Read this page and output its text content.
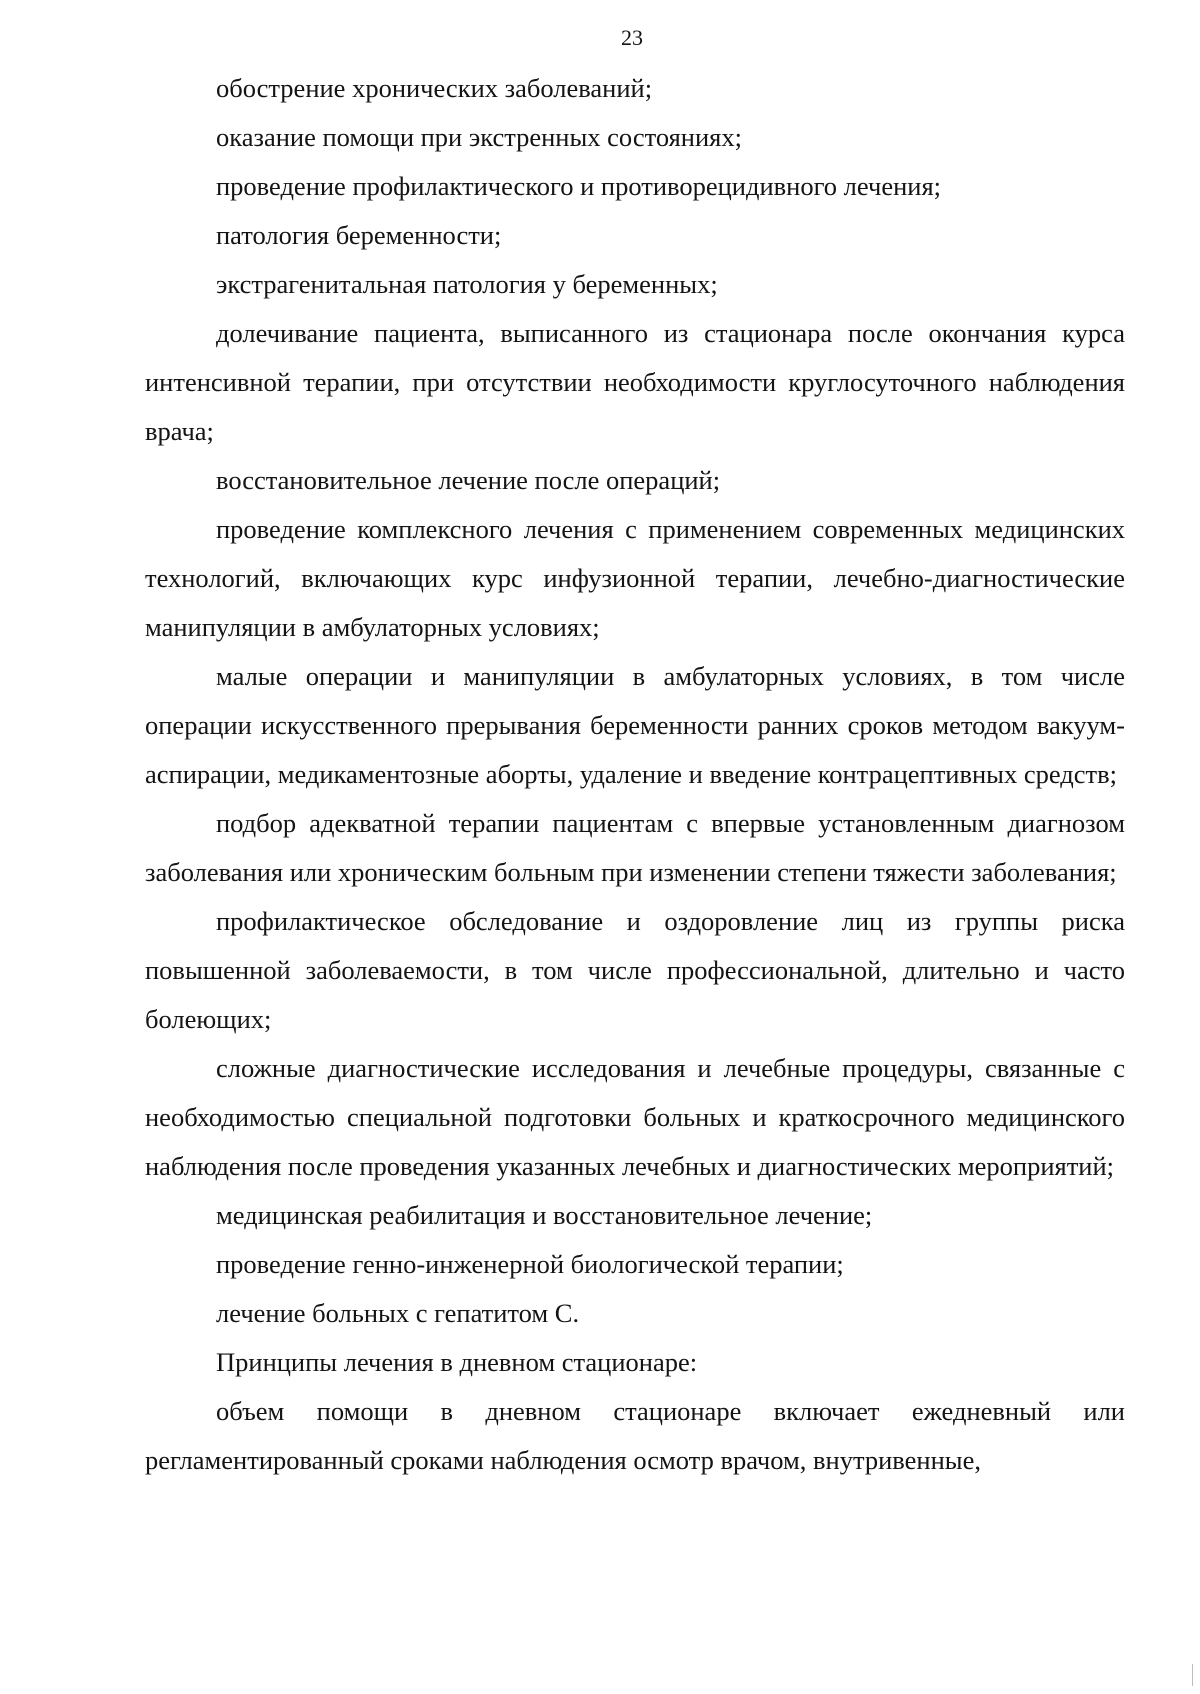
23

обострение хронических заболеваний;

оказание помощи при экстренных состояниях;

проведение профилактического и противорецидивного лечения;

патология беременности;

экстрагенитальная патология у беременных;

долечивание пациента, выписанного из стационара после окончания курса интенсивной терапии, при отсутствии необходимости круглосуточного наблюдения врача;

восстановительное лечение после операций;

проведение комплексного лечения с применением современных медицинских технологий, включающих курс инфузионной терапии, лечебно-диагностические манипуляции в амбулаторных условиях;

малые операции и манипуляции в амбулаторных условиях, в том числе операции искусственного прерывания беременности ранних сроков методом вакуум-аспирации, медикаментозные аборты, удаление и введение контрацептивных средств;

подбор адекватной терапии пациентам с впервые установленным диагнозом заболевания или хроническим больным при изменении степени тяжести заболевания;

профилактическое обследование и оздоровление лиц из группы риска повышенной заболеваемости, в том числе профессиональной, длительно и часто болеющих;

сложные диагностические исследования и лечебные процедуры, связанные с необходимостью специальной подготовки больных и краткосрочного медицинского наблюдения после проведения указанных лечебных и диагностических мероприятий;

медицинская реабилитация и восстановительное лечение;

проведение генно-инженерной биологической терапии;

лечение больных с гепатитом С.

Принципы лечения в дневном стационаре:

объем помощи в дневном стационаре включает ежедневный или регламентированный сроками наблюдения осмотр врачом, внутривенные,
